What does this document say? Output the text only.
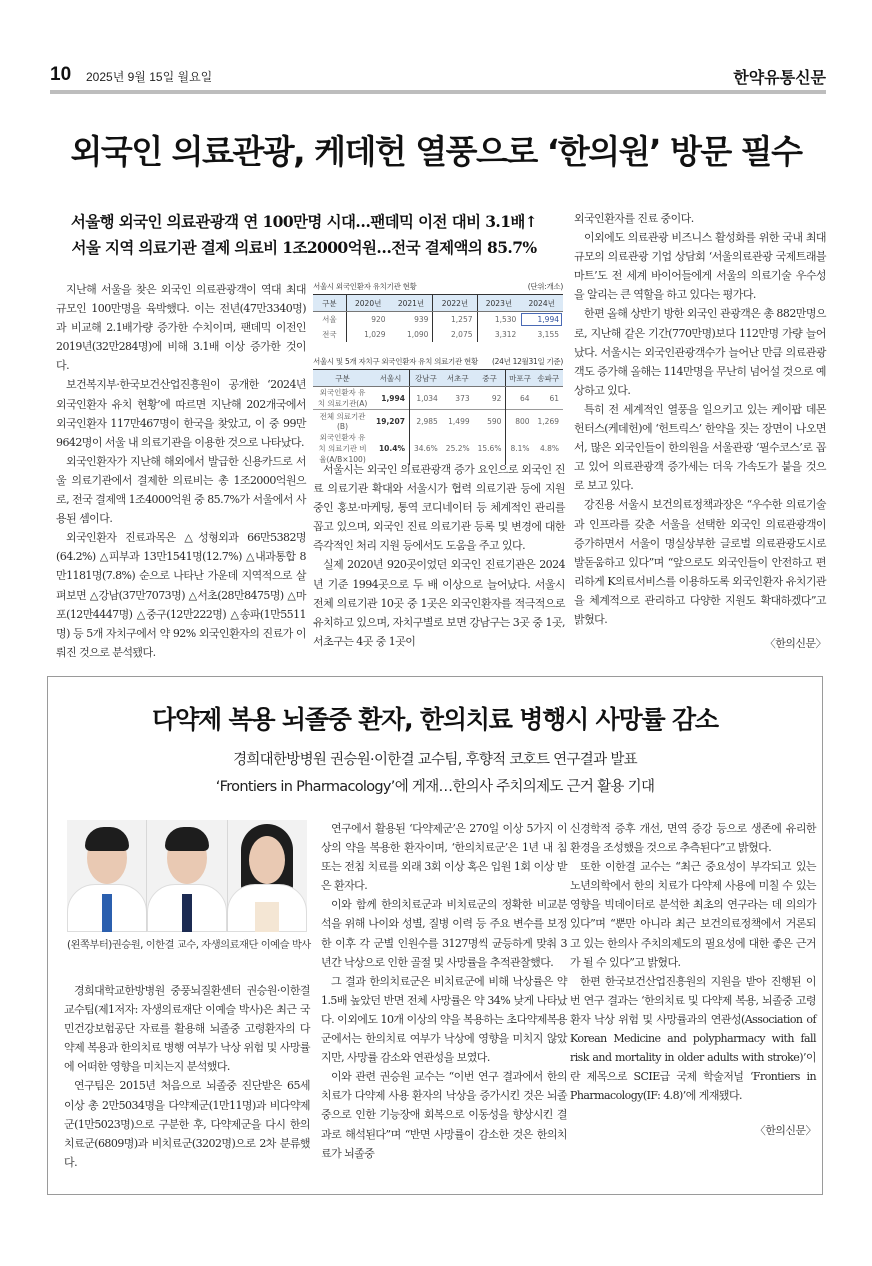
10 2025년 9월 15일 월요일	한약유통신문
외국인 의료관광, 케데헌 열풍으로 ‘한의원’ 방문 필수
서울행 외국인 의료관광객 연 100만명 시대…팬데믹 이전 대비 3.1배↑
서울 지역 의료기관 결제 의료비 1조2000억원…전국 결제액의 85.7%

지난해 서울을 찾은 외국인 의료관광객이 역대 최대 규모인 100만명을 육박했다. 이는 전년(47만3340명)과 비교해 2.1배가량 증가한 수치이며, 팬데믹 이전인 2019년(32만284명)에 비해 3.1배 이상 증가한 것이다.

보건복지부·한국보건산업진흥원이 공개한 ‘2024년 외국인환자 유치 현황’에 따르면 지난해 202개국에서 외국인환자 117만467명이 한국을 찾았고, 이 중 99만9642명이 서울 내 의료기관을 이용한 것으로 나타났다.

외국인환자가 지난해 해외에서 발급한 신용카드로 서울 의료기관에서 결제한 의료비는 총 1조2000억원으로, 전국 결제액 1조4000억원 중 85.7%가 서울에서 사용된 셈이다.

외국인환자 진료과목은 △성형외과 66만5382명(64.2%) △피부과 13만1541명(12.7%) △내과통합 8만1181명(7.8%) 순으로 나타난 가운데 지역적으로 살펴보면 △강남(37만7073명) △서초(28만8475명) △마포(12만4447명) △중구(12만222명) △송파(1만5511명) 등 5개 자치구에서 약 92% 외국인환자의 진료가 이뤄진 것으로 분석됐다.

서울시 외국인환자 유치기관 현황	(단위:개소)
구분	2020년	2021년	2022년	2023년	2024년
서울	920	939	1,257	1,530	1,994
전국	1,029	1,090	2,075	3,312	3,155
서울시 및 5개 자치구 외국인환자 유치 의료기관 현황 (24년 12월31일 기준)
구분	서울시	강남구	서초구	중구	마포구	송파구
외국인환자 유치 의료기관(A)	1,994	1,034	373	92	64	61
전체 의료기관(B)	19,207	2,985	1,499	590	800	1,269
외국인환자 유치 의료기관 비율(A/B×100)	10.4%	34.6%	25.2%	15.6%	8.1%	4.8%

서울시는 외국인 의료관광객 증가 요인으로 외국인 진료 의료기관 확대와 서울시가 협력 의료기관 등에 지원 중인 홍보·마케팅, 통역 코디네이터 등 체계적인 관리를 꼽고 있으며, 외국인 진료 의료기관 등록 및 변경에 대한 즉각적인 처리 지원 등에서도 도움을 주고 있다.

실제 2020년 920곳이었던 외국인 진료기관은 2024년 기준 1994곳으로 두 배 이상으로 늘어났다. 서울시 전체 의료기관 10곳 중 1곳은 외국인환자를 적극적으로 유치하고 있으며, 자치구별로 보면 강남구는 3곳 중 1곳, 서초구는 4곳 중 1곳이

외국인환자를 진료 중이다.

이외에도 의료관광 비즈니스 활성화를 위한 국내 최대 규모의 의료관광 기업 상담회 ‘서울의료관광 국제트래블마트’도 전 세계 바이어들에게 서울의 의료기술 우수성을 알리는 큰 역할을 하고 있다는 평가다.

한편 올해 상반기 방한 외국인 관광객은 총 882만명으로, 지난해 같은 기간(770만명)보다 112만명 가량 늘어났다. 서울시는 외국인관광객수가 늘어난 만큼 의료관광객도 증가해 올해는 114만명을 무난히 넘어설 것으로 예상하고 있다.

특히 전 세계적인 열풍을 일으키고 있는 케이팝 데몬 헌터스(케데헌)에 ‘헌트릭스’ 한약을 짓는 장면이 나오면서, 많은 외국인들이 한의원을 서울관광 ‘필수코스’로 꼽고 있어 의료관광객 증가세는 더욱 가속도가 붙을 것으로 보고 있다.

강진용 서울시 보건의료정책과장은 “우수한 의료기술과 인프라를 갖춘 서울을 선택한 외국인 의료관광객이 증가하면서 서울이 명실상부한 글로벌 의료관광도시로 발돋움하고 있다”며 “앞으로도 외국인들이 안전하고 편리하게 K의료서비스를 이용하도록 외국인환자 유치기관을 체계적으로 관리하고 다양한 지원도 확대하겠다”고 밝혔다.

〈한의신문〉
다약제 복용 뇌졸중 환자, 한의치료 병행시 사망률 감소
경희대한방병원 권승원·이한결 교수팀, 후향적 코호트 연구결과 발표
‘Frontiers in Pharmacology’에 게재…한의사 주치의제도 근거 활용 기대
(왼쪽부터)권승원, 이한결 교수, 자생의료재단 이예슬 박사

경희대학교한방병원 중풍뇌질환센터 권승원·이한결 교수팀(제1저자: 자생의료재단 이예슬 박사)은 최근 국민건강보험공단 자료를 활용해 뇌졸중 고령환자의 다약제 복용과 한의치료 병행 여부가 낙상 위험 및 사망률에 어떠한 영향을 미치는지 분석했다.

연구팀은 2015년 처음으로 뇌졸중 진단받은 65세 이상 총 2만5034명을 다약제군(1만11명)과 비다약제군(1만5023명)으로 구분한 후, 다약제군을 다시 한의치료군(6809명)과 비치료군(3202명)으로 2차 분류했다.

연구에서 활용된 ‘다약제군’은 270일 이상 5가지 이상의 약을 복용한 환자이며, ‘한의치료군’은 1년 내 침 또는 전침 치료를 외래 3회 이상 혹은 입원 1회 이상 받은 환자다.

이와 함께 한의치료군과 비치료군의 정확한 비교분석을 위해 나이와 성별, 질병 이력 등 주요 변수를 보정한 이후 각 군별 인원수를 3127명씩 균등하게 맞춰 3년간 낙상으로 인한 골절 및 사망률을 추적관찰했다.

그 결과 한의치료군은 비치료군에 비해 낙상률은 약 1.5배 높았던 반면 전체 사망률은 약 34% 낮게 나타났다. 이외에도 10개 이상의 약을 복용하는 초다약제복용군에서는 한의치료 여부가 낙상에 영향을 미치지 않았지만, 사망률 감소와 연관성을 보였다.

이와 관련 권승원 교수는 “이번 연구 결과에서 한의치료가 다약제 사용 환자의 낙상을 증가시킨 것은 뇌졸중으로 인한 기능장애 회복으로 이동성을 향상시킨 결과로 해석된다”며 “반면 사망률이 감소한 것은 한의치료가 뇌졸중

신경학적 증후 개선, 면역 증강 등으로 생존에 유리한 환경을 조성했을 것으로 추측된다”고 밝혔다.

또한 이한결 교수는 “최근 중요성이 부각되고 있는 노년의학에서 한의 치료가 다약제 사용에 미칠 수 있는 영향을 빅데이터로 분석한 최초의 연구라는 데 의의가 있다”며 “뿐만 아니라 최근 보건의료정책에서 거론되고 있는 한의사 주치의제도의 필요성에 대한 좋은 근거가 될 수 있다”고 밝혔다.

한편 한국보건산업진흥원의 지원을 받아 진행된 이번 연구 결과는 ‘한의치료 및 다약제 복용, 뇌졸중 고령환자 낙상 위험 및 사망률과의 연관성(Association of Korean Medicine and polypharmacy with fall risk and mortality in older adults with stroke)’이란 제목으로 SCIE급 국제 학술저널 ‘Frontiers in Pharmacology(IF: 4.8)’에 게재됐다.

〈한의신문〉
